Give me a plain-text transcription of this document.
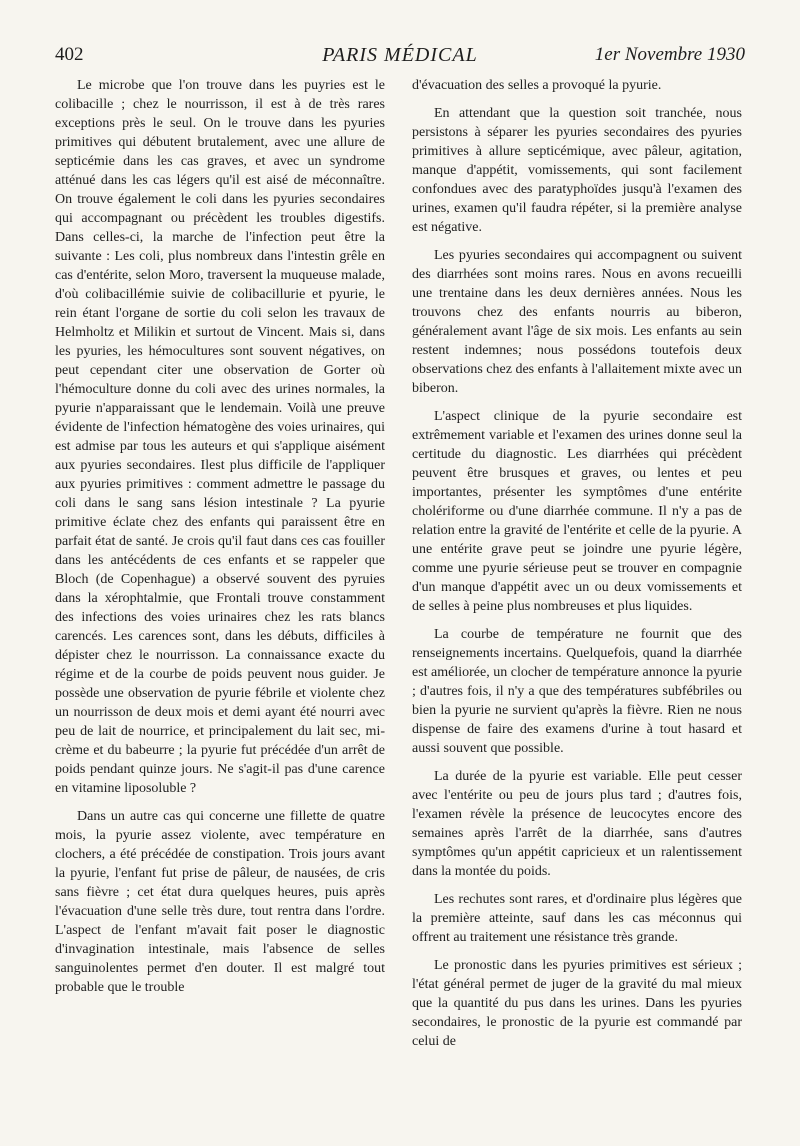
402	PARIS MÉDICAL	1er Novembre 1930

Le microbe que l'on trouve dans les puyries est le colibacille ; chez le nourrisson, il est à de très rares exceptions près le seul. On le trouve dans les pyuries primitives qui débutent brutalement, avec une allure de septicémie dans les cas graves, et avec un syndrome atténué dans les cas légers qu'il est aisé de méconnaître. On trouve également le coli dans les pyuries secondaires qui accompagnant ou précèdent les troubles digestifs. Dans celles-ci, la marche de l'infection peut être la suivante : Les coli, plus nombreux dans l'intestin grêle en cas d'entérite, selon Moro, traversent la muqueuse malade, d'où colibacillémie suivie de colibacillurie et pyurie, le rein étant l'organe de sortie du coli selon les travaux de Helmholtz et Milikin et surtout de Vincent. Mais si, dans les pyuries, les hémocultures sont souvent négatives, on peut cependant citer une observation de Gorter où l'hémoculture donne du coli avec des urines normales, la pyurie n'apparaissant que le lendemain. Voilà une preuve évidente de l'infection hématogène des voies urinaires, qui est admise par tous les auteurs et qui s'applique aisément aux pyuries secondaires. Ilest plus difficile de l'appliquer aux pyuries primitives : comment admettre le passage du coli dans le sang sans lésion intestinale ? La pyurie primitive éclate chez des enfants qui paraissent être en parfait état de santé. Je crois qu'il faut dans ces cas fouiller dans les antécédents de ces enfants et se rappeler que Bloch (de Copenhague) a observé souvent des pyruies dans la xérophtalmie, que Frontali trouve constamment des infections des voies urinaires chez les rats blancs carencés. Les carences sont, dans les débuts, difficiles à dépister chez le nourrisson. La connaissance exacte du régime et de la courbe de poids peuvent nous guider. Je possède une observation de pyurie fébrile et violente chez un nourrisson de deux mois et demi ayant été nourri avec peu de lait de nourrice, et principalement du lait sec, mi-crème et du babeurre ; la pyurie fut précédée d'un arrêt de poids pendant quinze jours. Ne s'agit-il pas d'une carence en vitamine liposoluble ?

Dans un autre cas qui concerne une fillette de quatre mois, la pyurie assez violente, avec température en clochers, a été précédée de constipation. Trois jours avant la pyurie, l'enfant fut prise de pâleur, de nausées, de cris sans fièvre ; cet état dura quelques heures, puis après l'évacuation d'une selle très dure, tout rentra dans l'ordre. L'aspect de l'enfant m'avait fait poser le diagnostic d'invagination intestinale, mais l'absence de selles sanguinolentes permet d'en douter. Il est malgré tout probable que le trouble

d'évacuation des selles a provoqué la pyurie.

En attendant que la question soit tranchée, nous persistons à séparer les pyuries secondaires des pyuries primitives à allure septicémique, avec pâleur, agitation, manque d'appétit, vomissements, qui sont facilement confondues avec des paratyphoïdes jusqu'à l'examen des urines, examen qu'il faudra répéter, si la première analyse est négative.

Les pyuries secondaires qui accompagnent ou suivent des diarrhées sont moins rares. Nous en avons recueilli une trentaine dans les deux dernières années. Nous les trouvons chez des enfants nourris au biberon, généralement avant l'âge de six mois. Les enfants au sein restent indemnes; nous possédons toutefois deux observations chez des enfants à l'allaitement mixte avec un biberon.

L'aspect clinique de la pyurie secondaire est extrêmement variable et l'examen des urines donne seul la certitude du diagnostic. Les diarrhées qui précèdent peuvent être brusques et graves, ou lentes et peu importantes, présenter les symptômes d'une entérite cholériforme ou d'une diarrhée commune. Il n'y a pas de relation entre la gravité de l'entérite et celle de la pyurie. A une entérite grave peut se joindre une pyurie légère, comme une pyurie sérieuse peut se trouver en compagnie d'un manque d'appétit avec un ou deux vomissements et de selles à peine plus nombreuses et plus liquides.

La courbe de température ne fournit que des renseignements incertains. Quelquefois, quand la diarrhée est améliorée, un clocher de température annonce la pyurie ; d'autres fois, il n'y a que des températures subfébriles ou bien la pyurie ne survient qu'après la fièvre. Rien ne nous dispense de faire des examens d'urine à tout hasard et aussi souvent que possible.

La durée de la pyurie est variable. Elle peut cesser avec l'entérite ou peu de jours plus tard ; d'autres fois, l'examen révèle la présence de leucocytes encore des semaines après l'arrêt de la diarrhée, sans d'autres symptômes qu'un appétit capricieux et un ralentissement dans la montée du poids.

Les rechutes sont rares, et d'ordinaire plus légères que la première atteinte, sauf dans les cas méconnus qui offrent au traitement une résistance très grande.

Le pronostic dans les pyuries primitives est sérieux ; l'état général permet de juger de la gravité du mal mieux que la quantité du pus dans les urines. Dans les pyuries secondaires, le pronostic de la pyurie est commandé par celui de
